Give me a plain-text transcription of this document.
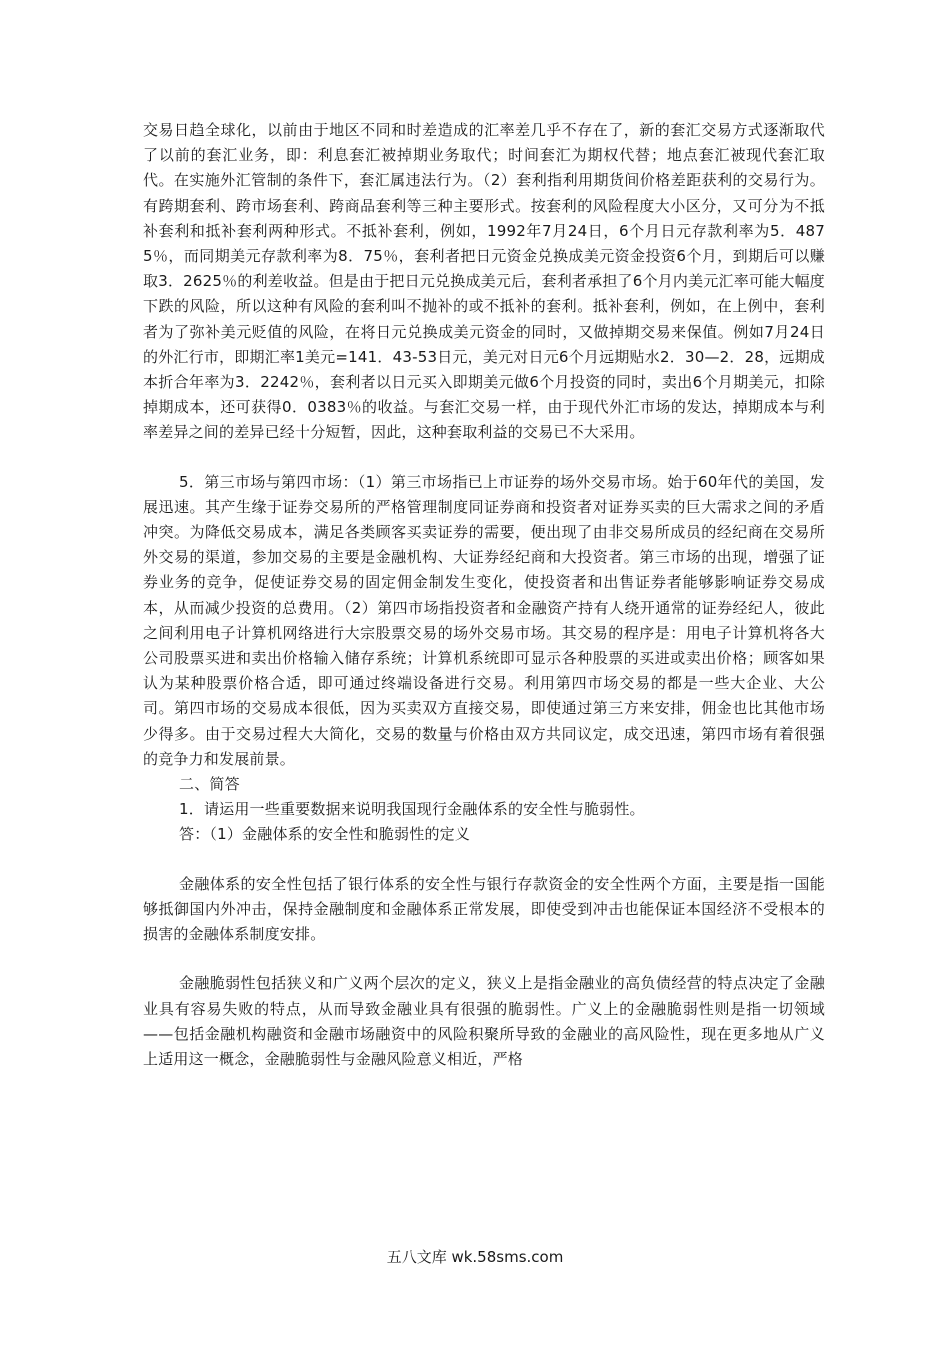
交易日趋全球化，以前由于地区不同和时差造成的汇率差几乎不存在了，新的套汇交易方式逐渐取代了以前的套汇业务，即：利息套汇被掉期业务取代；时间套汇为期权代替；地点套汇被现代套汇取代。在实施外汇管制的条件下，套汇属违法行为。（2）套利指利用期货间价格差距获利的交易行为。有跨期套利、跨市场套利、跨商品套利等三种主要形式。按套利的风险程度大小区分，又可分为不抵补套利和抵补套利两种形式。不抵补套利，例如，1992年7月24日，6个月日元存款利率为5．4875％，而同期美元存款利率为8．75％，套利者把日元资金兑换成美元资金投资6个月，到期后可以赚取3．2625％的利差收益。但是由于把日元兑换成美元后，套利者承担了6个月内美元汇率可能大幅度下跌的风险，所以这种有风险的套利叫不抛补的或不抵补的套利。抵补套利，例如，在上例中，套利者为了弥补美元贬值的风险，在将日元兑换成美元资金的同时，又做掉期交易来保值。例如7月24日的外汇行市，即期汇率1美元=141．43-53日元，美元对日元6个月远期贴水2．30—2．28，远期成本折合年率为3．2242％，套利者以日元买入即期美元做6个月投资的同时，卖出6个月期美元，扣除掉期成本，还可获得0．0383％的收益。与套汇交易一样，由于现代外汇市场的发达，掉期成本与利率差异之间的差异已经十分短暂，因此，这种套取利益的交易已不大采用。

5．第三市场与第四市场：（1）第三市场指已上市证券的场外交易市场。始于60年代的美国，发展迅速。其产生缘于证券交易所的严格管理制度同证券商和投资者对证券买卖的巨大需求之间的矛盾冲突。为降低交易成本，满足各类顾客买卖证券的需要，便出现了由非交易所成员的经纪商在交易所外交易的渠道，参加交易的主要是金融机构、大证券经纪商和大投资者。第三市场的出现，增强了证券业务的竞争，促使证券交易的固定佣金制发生变化，使投资者和出售证券者能够影响证券交易成本，从而减少投资的总费用。（2）第四市场指投资者和金融资产持有人绕开通常的证券经纪人，彼此之间利用电子计算机网络进行大宗股票交易的场外交易市场。其交易的程序是：用电子计算机将各大公司股票买进和卖出价格输入储存系统；计算机系统即可显示各种股票的买进或卖出价格；顾客如果认为某种股票价格合适，即可通过终端设备进行交易。利用第四市场交易的都是一些大企业、大公司。第四市场的交易成本很低，因为买卖双方直接交易，即使通过第三方来安排，佣金也比其他市场少得多。由于交易过程大大简化，交易的数量与价格由双方共同议定，成交迅速，第四市场有着很强的竞争力和发展前景。

二、简答

1．请运用一些重要数据来说明我国现行金融体系的安全性与脆弱性。

答：（1）金融体系的安全性和脆弱性的定义

金融体系的安全性包括了银行体系的安全性与银行存款资金的安全性两个方面，主要是指一国能够抵御国内外冲击，保持金融制度和金融体系正常发展，即使受到冲击也能保证本国经济不受根本的损害的金融体系制度安排。

金融脆弱性包括狭义和广义两个层次的定义，狭义上是指金融业的高负债经营的特点决定了金融业具有容易失败的特点，从而导致金融业具有很强的脆弱性。广义上的金融脆弱性则是指一切领域——包括金融机构融资和金融市场融资中的风险积聚所导致的金融业的高风险性，现在更多地从广义上适用这一概念，金融脆弱性与金融风险意义相近，严格

五八文库 wk.58sms.com
